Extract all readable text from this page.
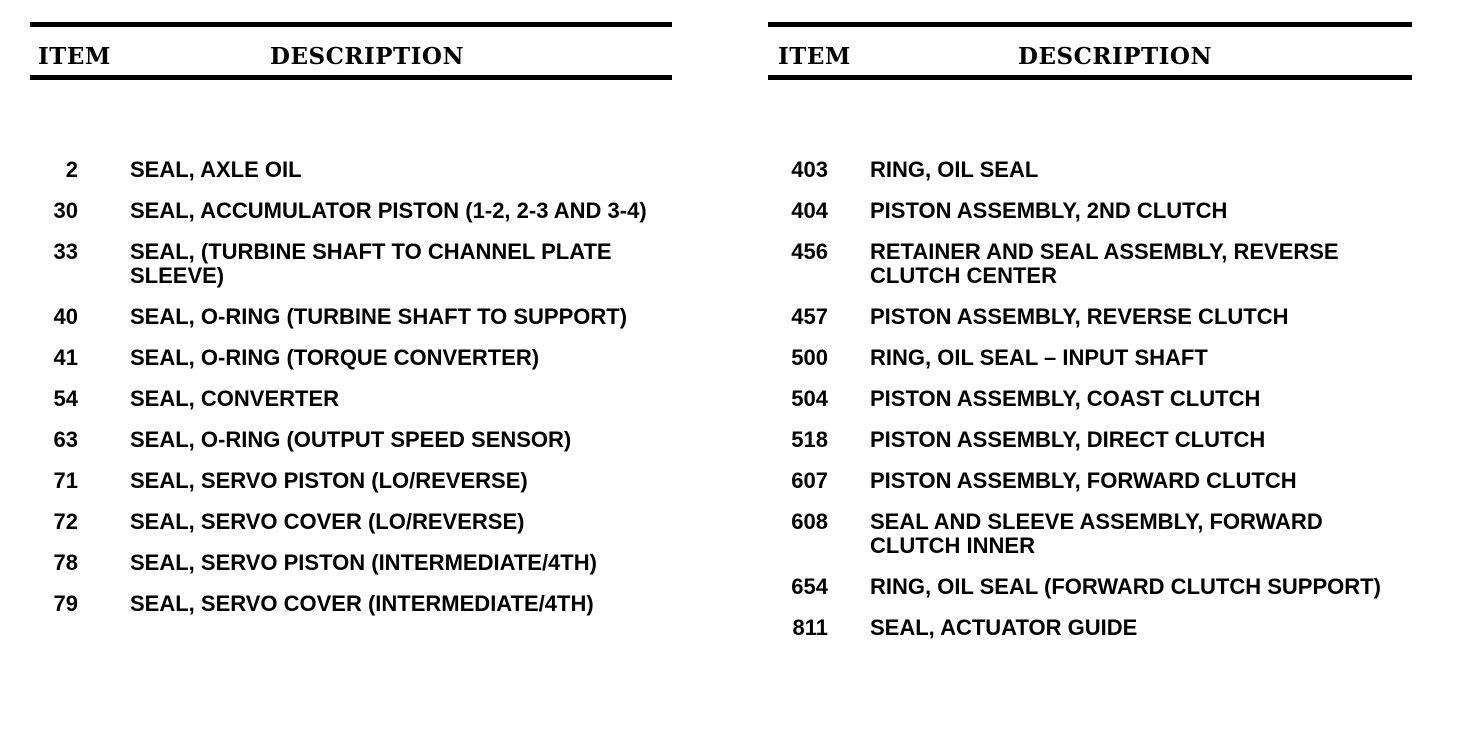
ITEM	DESCRIPTION
2	SEAL, AXLE OIL
30	SEAL, ACCUMULATOR PISTON (1-2, 2-3 AND 3-4)
33	SEAL, (TURBINE SHAFT TO CHANNEL PLATE SLEEVE)
40	SEAL, O-RING (TURBINE SHAFT TO SUPPORT)
41	SEAL, O-RING (TORQUE CONVERTER)
54	SEAL, CONVERTER
63	SEAL, O-RING (OUTPUT SPEED SENSOR)
71	SEAL, SERVO PISTON (LO/REVERSE)
72	SEAL, SERVO COVER (LO/REVERSE)
78	SEAL, SERVO PISTON (INTERMEDIATE/4TH)
79	SEAL, SERVO COVER (INTERMEDIATE/4TH)
ITEM	DESCRIPTION
403	RING, OIL SEAL
404	PISTON ASSEMBLY, 2ND CLUTCH
456	RETAINER AND SEAL ASSEMBLY, REVERSE CLUTCH CENTER
457	PISTON ASSEMBLY, REVERSE CLUTCH
500	RING, OIL SEAL – INPUT SHAFT
504	PISTON ASSEMBLY, COAST CLUTCH
518	PISTON ASSEMBLY, DIRECT CLUTCH
607	PISTON ASSEMBLY, FORWARD CLUTCH
608	SEAL AND SLEEVE ASSEMBLY, FORWARD CLUTCH INNER
654	RING, OIL SEAL (FORWARD CLUTCH SUPPORT)
811	SEAL, ACTUATOR GUIDE
